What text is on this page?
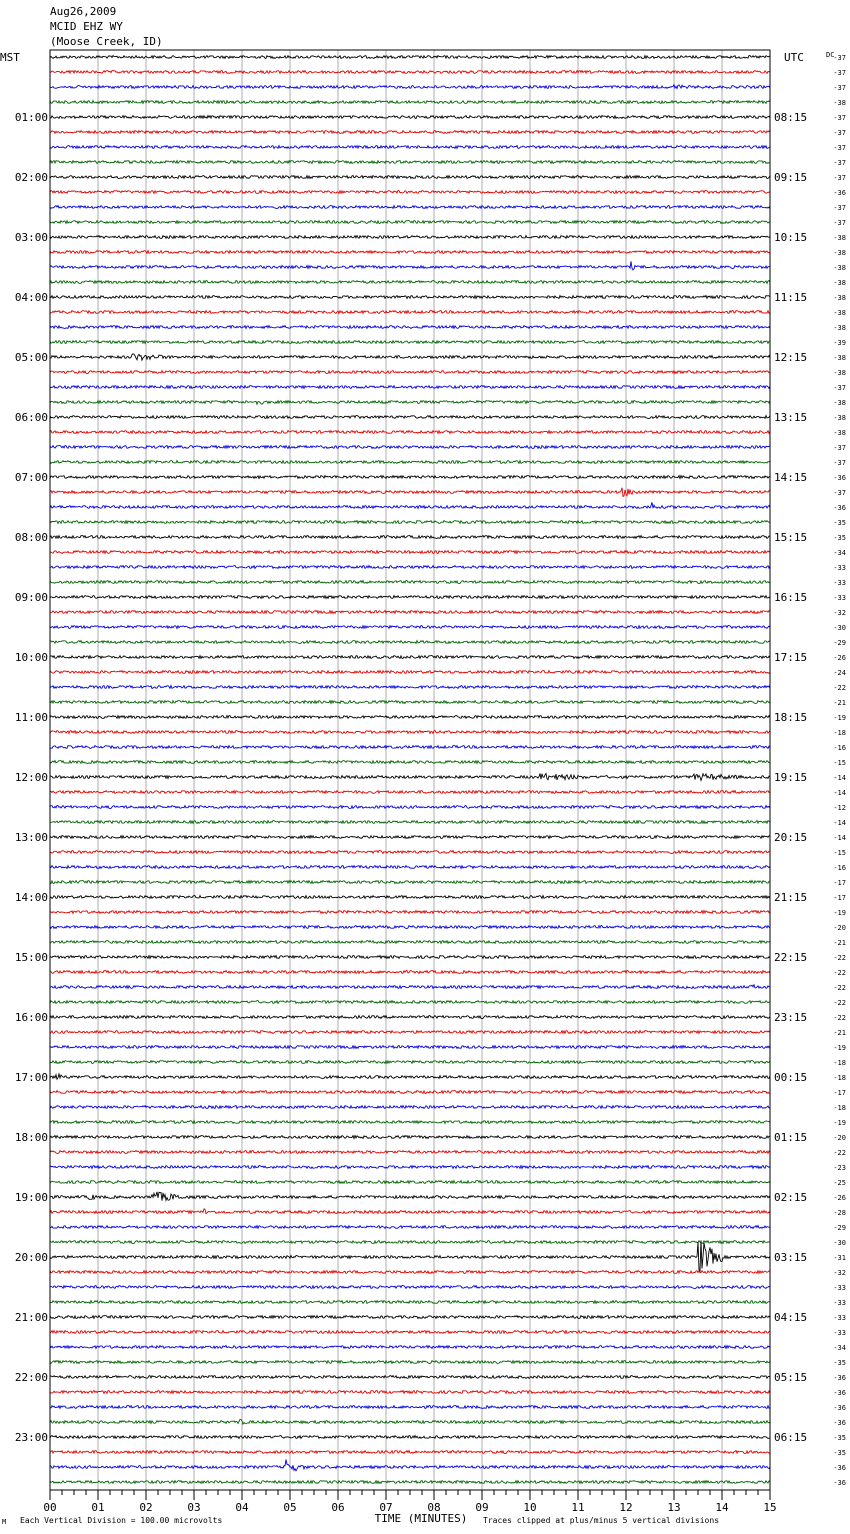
Aug26,2009
MCID EHZ WY
(Moose Creek, ID)
M
-37
-37
-37
-38
-37
01:00	08:15
-37
-37
-37
-37
02:00	09:15
-36
-37
-37
-38
03:00	10:15
-38
-38
-38
-38
04:00	11:15
-38
-38
-39
-38
05:00	12:15
-38
-37
-38
-38
06:00	13:15
-38
-37
-37
-36
07:00	14:15
-37
-36
-35
-35
08:00	15:15
-34
-33
-33
-33
09:00	16:15
-32
-30
-29
-26
10:00	17:15
-24
-22
-21
-19
11:00	18:15
-18
-16
-15
-14
12:00	19:15
-14
-12
-14
-14
13:00	20:15
-15
-16
-17
-17
14:00	21:15
-19
-20
-21
-22
15:00	22:15
-22
-22
-22
-22
16:00	23:15
-21
-19
-18
-18
17:00	00:15
-17
-18
-19
-20
18:00	01:15
-22
-23
-25
-26
19:00	02:15
-28
-29
-30
-31
20:00	03:15
-32
-33
-33
-33
21:00	04:15
-33
-34
-35
-36
22:00	05:15
-36
-36
-36
-35
23:00	06:15
-35
-36
-36
MST	UTC	DC
00	01	02	03	04	05	06	07	08	09	10	11	12	13	14	15
TIME (MINUTES)
Each Vertical Division = 100.00 microvolts	Traces clipped at plus/minus 5 vertical divisions
